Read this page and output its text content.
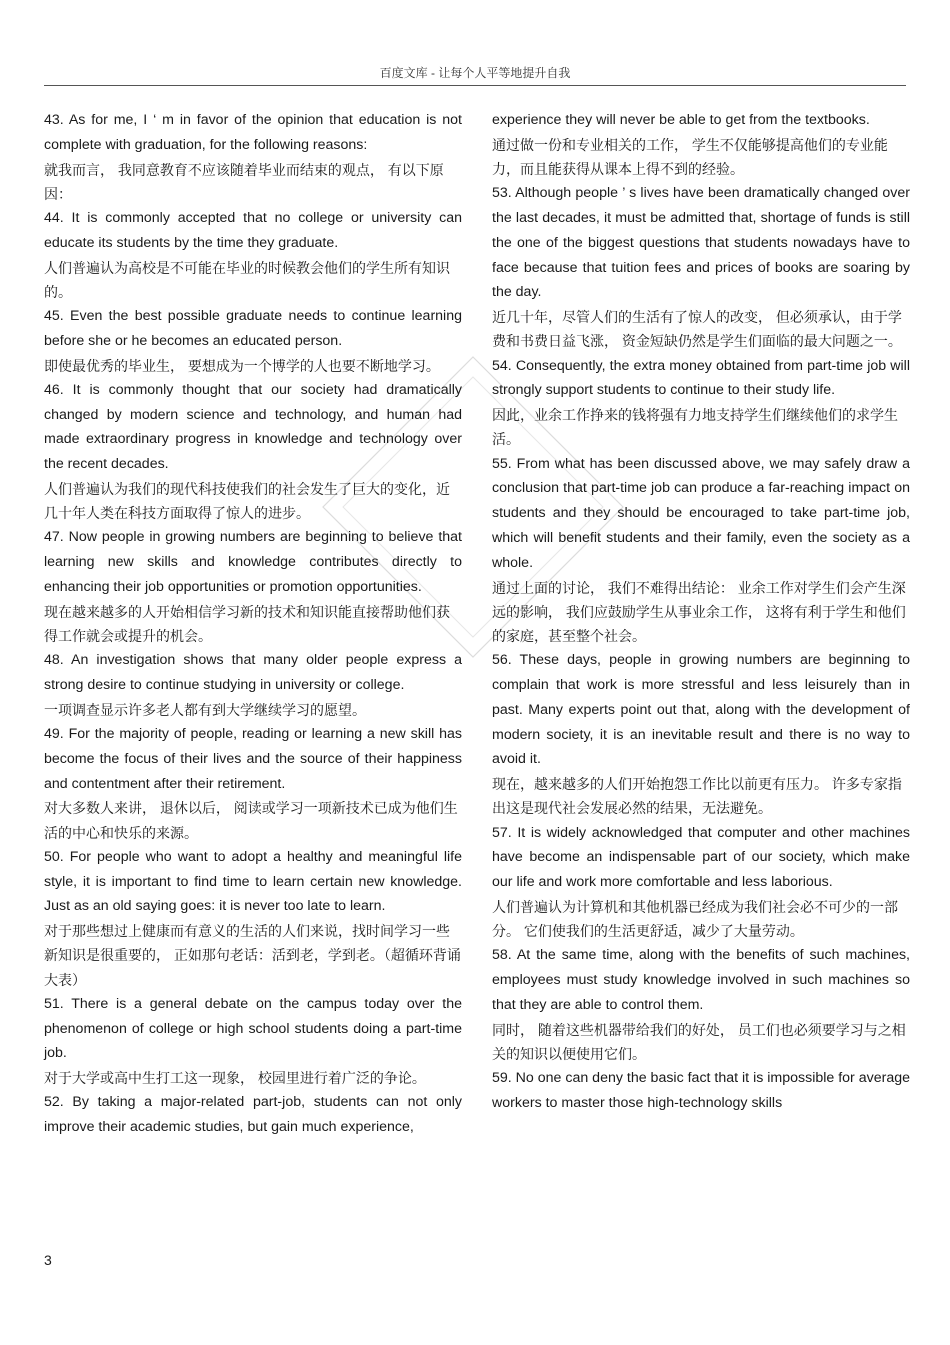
百度文库 - 让每个人平等地提升自我
43. As for me, I ‘ m in favor of the opinion that education is not complete with graduation, for the following reasons:
就我而言， 我同意教育不应该随着毕业而结束的观点， 有以下原因：
44. It is commonly accepted that no college or university can educate its students by the time they graduate.
人们普遍认为高校是不可能在毕业的时候教会他们的学生所有知识的。
45. Even the best possible graduate needs to continue learning before she or he becomes an educated person.
即使最优秀的毕业生， 要想成为一个博学的人也要不断地学习。
46. It is commonly thought that our society had dramatically changed by modern science and technology, and human had made extraordinary progress in knowledge and technology over the recent decades.
人们普遍认为我们的现代科技使我们的社会发生了巨大的变化，近几十年人类在科技方面取得了惊人的进步。
47. Now people in growing numbers are beginning to believe that learning new skills and knowledge contributes directly to enhancing their job opportunities or promotion opportunities.
现在越来越多的人开始相信学习新的技术和知识能直接帮助他们获得工作就会或提升的机会。
48. An investigation shows that many older people express a strong desire to continue studying in university or college.
一项调查显示许多老人都有到大学继续学习的愿望。
49. For the majority of people, reading or learning a new skill has become the focus of their lives and the source of their happiness and contentment after their retirement.
对大多数人来讲， 退休以后， 阅读或学习一项新技术已成为他们生活的中心和快乐的来源。
50. For people who want to adopt a healthy and meaningful life style, it is important to find time to learn certain new knowledge. Just as an old saying goes: it is never too late to learn.
对于那些想过上健康而有意义的生活的人们来说，找时间学习一些新知识是很重要的， 正如那句老话：活到老，学到老。（超循环背诵大表）
51. There is a general debate on the campus today over the phenomenon of college or high school students doing a part-time job.
对于大学或高中生打工这一现象， 校园里进行着广泛的争论。
52. By taking a major-related part-job, students can not only improve their academic studies, but gain much experience,
experience they will never be able to get from the textbooks.
通过做一份和专业相关的工作， 学生不仅能够提高他们的专业能力，而且能获得从课本上得不到的经验。
53. Although people ’ s lives have been dramatically changed over the last decades, it must be admitted that, shortage of funds is still the one of the biggest questions that students nowadays have to face because that tuition fees and prices of books are soaring by the day.
近几十年，尽管人们的生活有了惊人的改变， 但必须承认，由于学费和书费日益飞涨， 资金短缺仍然是学生们面临的最大问题之一。
54. Consequently, the extra money obtained from part-time job will strongly support students to continue to their study life.
因此，业余工作挣来的钱将强有力地支持学生们继续他们的求学生活。
55. From what has been discussed above, we may safely draw a conclusion that part-time job can produce a far-reaching impact on students and they should be encouraged to take part-time job, which will benefit students and their family, even the society as a whole.
通过上面的讨论， 我们不难得出结论： 业余工作对学生们会产生深远的影响， 我们应鼓励学生从事业余工作， 这将有利于学生和他们的家庭，甚至整个社会。
56. These days, people in growing numbers are beginning to complain that work is more stressful and less leisurely than in past. Many experts point out that, along with the development of modern society, it is an inevitable result and there is no way to avoid it.
现在，越来越多的人们开始抱怨工作比以前更有压力。 许多专家指出这是现代社会发展必然的结果，无法避免。
57. It is widely acknowledged that computer and other machines have become an indispensable part of our society, which make our life and work more comfortable and less laborious.
人们普遍认为计算机和其他机器已经成为我们社会必不可少的一部分。 它们使我们的生活更舒适，减少了大量劳动。
58. At the same time, along with the benefits of such machines, employees must study knowledge involved in such machines so that they are able to control them.
同时， 随着这些机器带给我们的好处， 员工们也必须要学习与之相关的知识以便使用它们。
59. No one can deny the basic fact that it is impossible for average workers to master those high-technology skills
3
